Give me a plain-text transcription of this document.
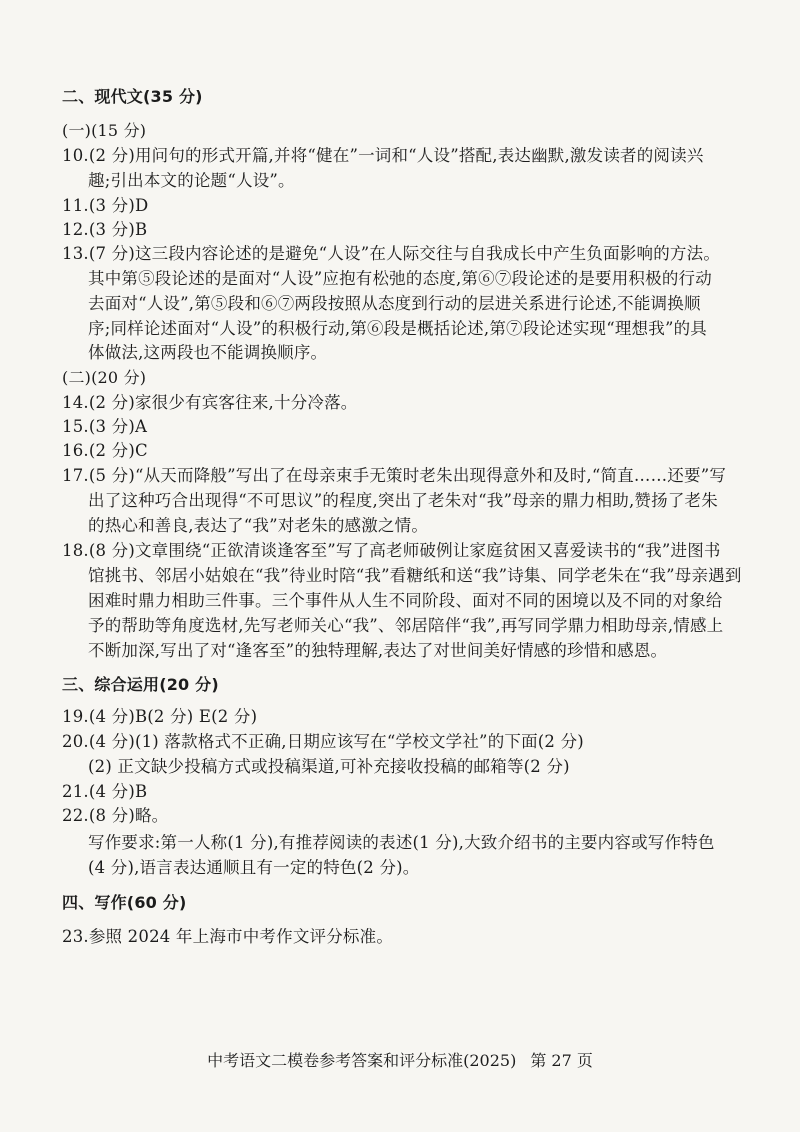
二、现代文(35 分)
(一)(15 分)
10.(2 分)用问句的形式开篇,并将“健在”一词和“人设”搭配,表达幽默,激发读者的阅读兴
趣;引出本文的论题“人设”。
11.(3 分)D
12.(3 分)B
13.(7 分)这三段内容论述的是避免“人设”在人际交往与自我成长中产生负面影响的方法。
其中第⑤段论述的是面对“人设”应抱有松弛的态度,第⑥⑦段论述的是要用积极的行动
去面对“人设”,第⑤段和⑥⑦两段按照从态度到行动的层进关系进行论述,不能调换顺
序;同样论述面对“人设”的积极行动,第⑥段是概括论述,第⑦段论述实现“理想我”的具
体做法,这两段也不能调换顺序。
(二)(20 分)
14.(2 分)家很少有宾客往来,十分冷落。
15.(3 分)A
16.(2 分)C
17.(5 分)“从天而降般”写出了在母亲束手无策时老朱出现得意外和及时,“简直……还要”写
出了这种巧合出现得“不可思议”的程度,突出了老朱对“我”母亲的鼎力相助,赞扬了老朱
的热心和善良,表达了“我”对老朱的感激之情。
18.(8 分)文章围绕“正欲清谈逢客至”写了高老师破例让家庭贫困又喜爱读书的“我”进图书
馆挑书、邻居小姑娘在“我”待业时陪“我”看糖纸和送“我”诗集、同学老朱在“我”母亲遇到
困难时鼎力相助三件事。三个事件从人生不同阶段、面对不同的困境以及不同的对象给
予的帮助等角度选材,先写老师关心“我”、邻居陪伴“我”,再写同学鼎力相助母亲,情感上
不断加深,写出了对“逢客至”的独特理解,表达了对世间美好情感的珍惜和感恩。
三、综合运用(20 分)
19.(4 分)B(2 分) E(2 分)
20.(4 分)(1) 落款格式不正确,日期应该写在“学校文学社”的下面(2 分)
(2) 正文缺少投稿方式或投稿渠道,可补充接收投稿的邮箱等(2 分)
21.(4 分)B
22.(8 分)略。
写作要求:第一人称(1 分),有推荐阅读的表述(1 分),大致介绍书的主要内容或写作特色
(4 分),语言表达通顺且有一定的特色(2 分)。
四、写作(60 分)
23.参照 2024 年上海市中考作文评分标准。
中考语文二模卷参考答案和评分标准(2025) 第 27 页
